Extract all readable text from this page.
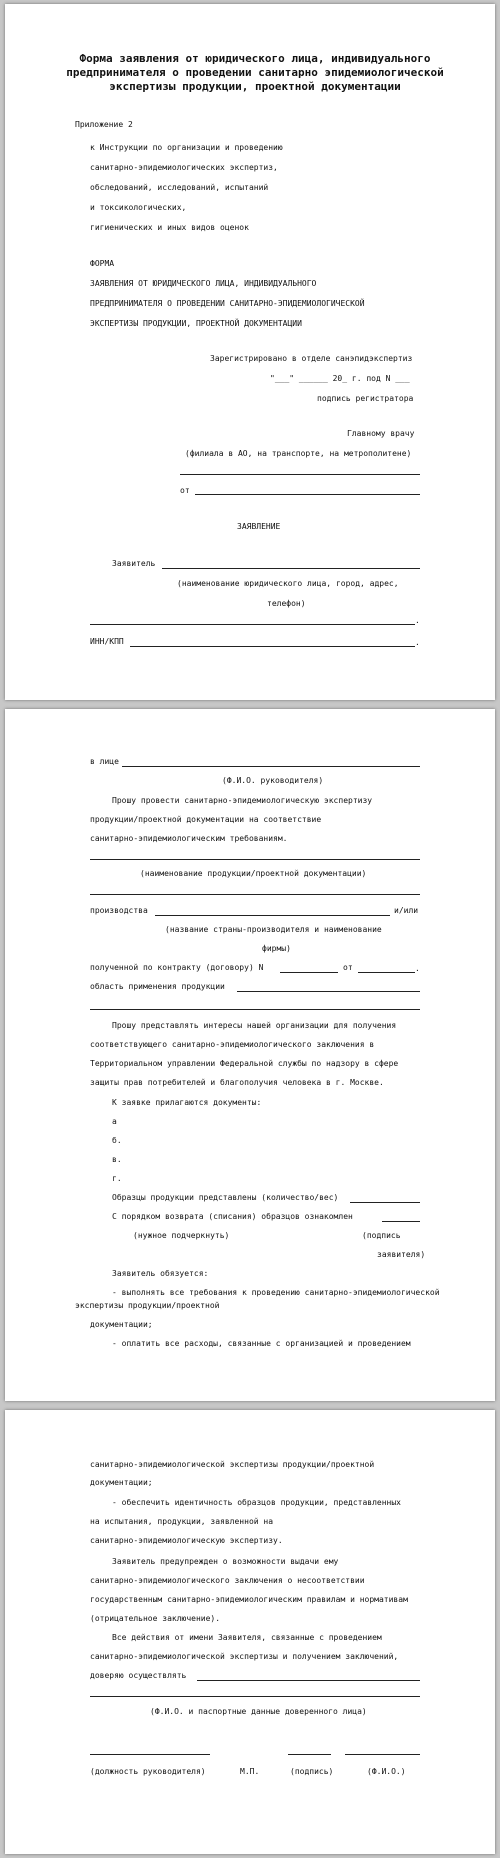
Форма заявления от юридического лица, индивидуального предпринимателя о проведении санитарно эпидемиологической экспертизы продукции, проектной документации
Приложение 2
к Инструкции по организации и проведению
санитарно-эпидемиологических экспертиз,
обследований, исследований, испытаний
и токсикологических,
гигиенических и иных видов оценок
ФОРМА
ЗАЯВЛЕНИЯ ОТ ЮРИДИЧЕСКОГО ЛИЦА, ИНДИВИДУАЛЬНОГО
ПРЕДПРИНИМАТЕЛЯ О ПРОВЕДЕНИИ САНИТАРНО-ЭПИДЕМИОЛОГИЧЕСКОЙ
ЭКСПЕРТИЗЫ ПРОДУКЦИИ, ПРОЕКТНОЙ ДОКУМЕНТАЦИИ
Зарегистрировано в отделе санэпидэкспертиз
"___" ______ 20_ г. под N ___
подпись регистратора
Главному врачу
(филиала в АО, на транспорте, на метрополитене)
от
ЗАЯВЛЕНИЕ
Заявитель
(наименование юридического лица, город, адрес,
телефон)
.
ИНН/КПП	.
в лице
(Ф.И.О. руководителя)
Прошу провести санитарно-эпидемиологическую экспертизу
продукции/проектной документации на соответствие
санитарно-эпидемиологическим требованиям.
(наименование продукции/проектной документации)
производства	и/или
(название страны-производителя и наименование
фирмы)
полученной по контракту (договору) N	от	.
область применения продукции
Прошу представлять интересы нашей организации для получения
соответствующего санитарно-эпидемиологического заключения в
Территориальном управлении Федеральной службы по надзору в сфере
защиты прав потребителей и благополучия человека в г. Москве.
К заявке прилагаются документы:
а
б.
в.
г.
Образцы продукции представлены (количество/вес)
С порядком возврата (списания) образцов ознакомлен
(нужное подчеркнуть)	(подпись
заявителя)
Заявитель обязуется:
- выполнять все требования к проведению санитарно-эпидемиологической
экспертизы продукции/проектной
документации;
- оплатить все расходы, связанные с организацией и проведением
санитарно-эпидемиологической экспертизы продукции/проектной
документации;
- обеспечить идентичность образцов продукции, представленных
на испытания, продукции, заявленной на
санитарно-эпидемиологическую экспертизу.
Заявитель предупрежден о возможности выдачи ему
санитарно-эпидемиологического заключения о несоответствии
государственным санитарно-эпидемиологическим правилам и нормативам
(отрицательное заключение).
Все действия от имени Заявителя, связанные с проведением
санитарно-эпидемиологической экспертизы и получением заключений,
доверяю осуществлять
(Ф.И.О. и паспортные данные доверенного лица)
(должность руководителя)	М.П.	(подпись)	(Ф.И.О.)
